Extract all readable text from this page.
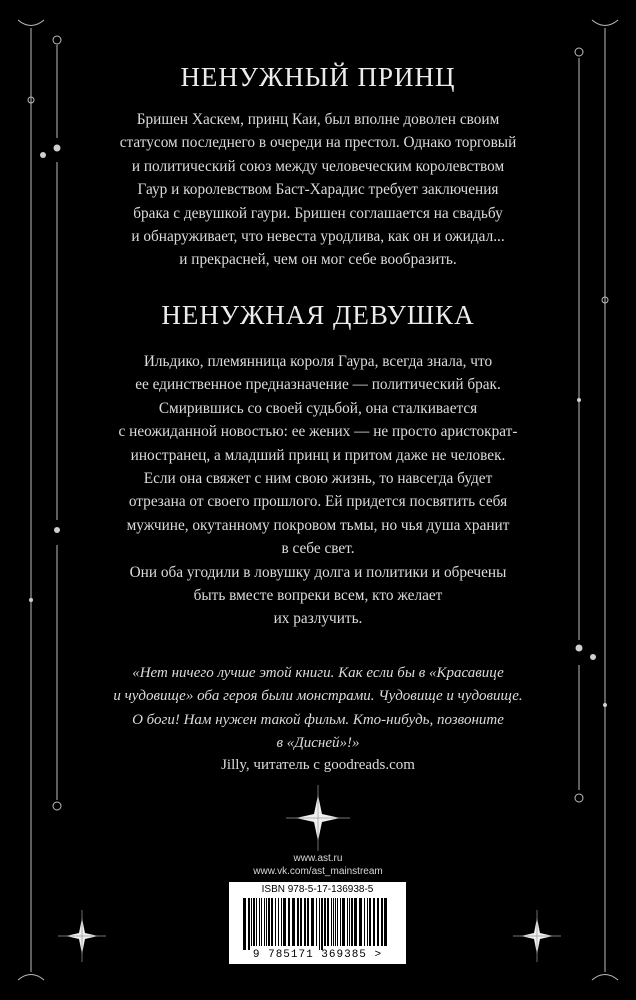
НЕНУЖНЫЙ ПРИНЦ
Бришен Хаскем, принц Каи, был вполне доволен своим
статусом последнего в очереди на престол. Однако торговый
и политический союз между человеческим королевством
Гаур и королевством Баст-Харадис требует заключения
брака с девушкой гаури. Бришен соглашается на свадьбу
и обнаруживает, что невеста уродлива, как он и ожидал...
и прекрасней, чем он мог себе вообразить.
НЕНУЖНАЯ ДЕВУШКА
Ильдико, племянница короля Гаура, всегда знала, что
ее единственное предназначение — политический брак.
Смирившись со своей судьбой, она сталкивается
с неожиданной новостью: ее жених — не просто аристократ-
иностранец, а младший принц и притом даже не человек.
Если она свяжет с ним свою жизнь, то навсегда будет
отрезана от своего прошлого. Ей придется посвятить себя
мужчине, окутанному покровом тьмы, но чья душа хранит
в себе свет.
Они оба угодили в ловушку долга и политики и обречены
быть вместе вопреки всем, кто желает
их разлучить.
«Нет ничего лучше этой книги. Как если бы в «Красавице
и чудовище» оба героя были монстрами. Чудовище и чудовище.
О боги! Нам нужен такой фильм. Кто-нибудь, позвоните
в «Дисней»!»
Jilly, читатель с goodreads.com
www.ast.ru
www.vk.com/ast_mainstream
ISBN 978-5-17-136938-5
9 785171 369385 >
